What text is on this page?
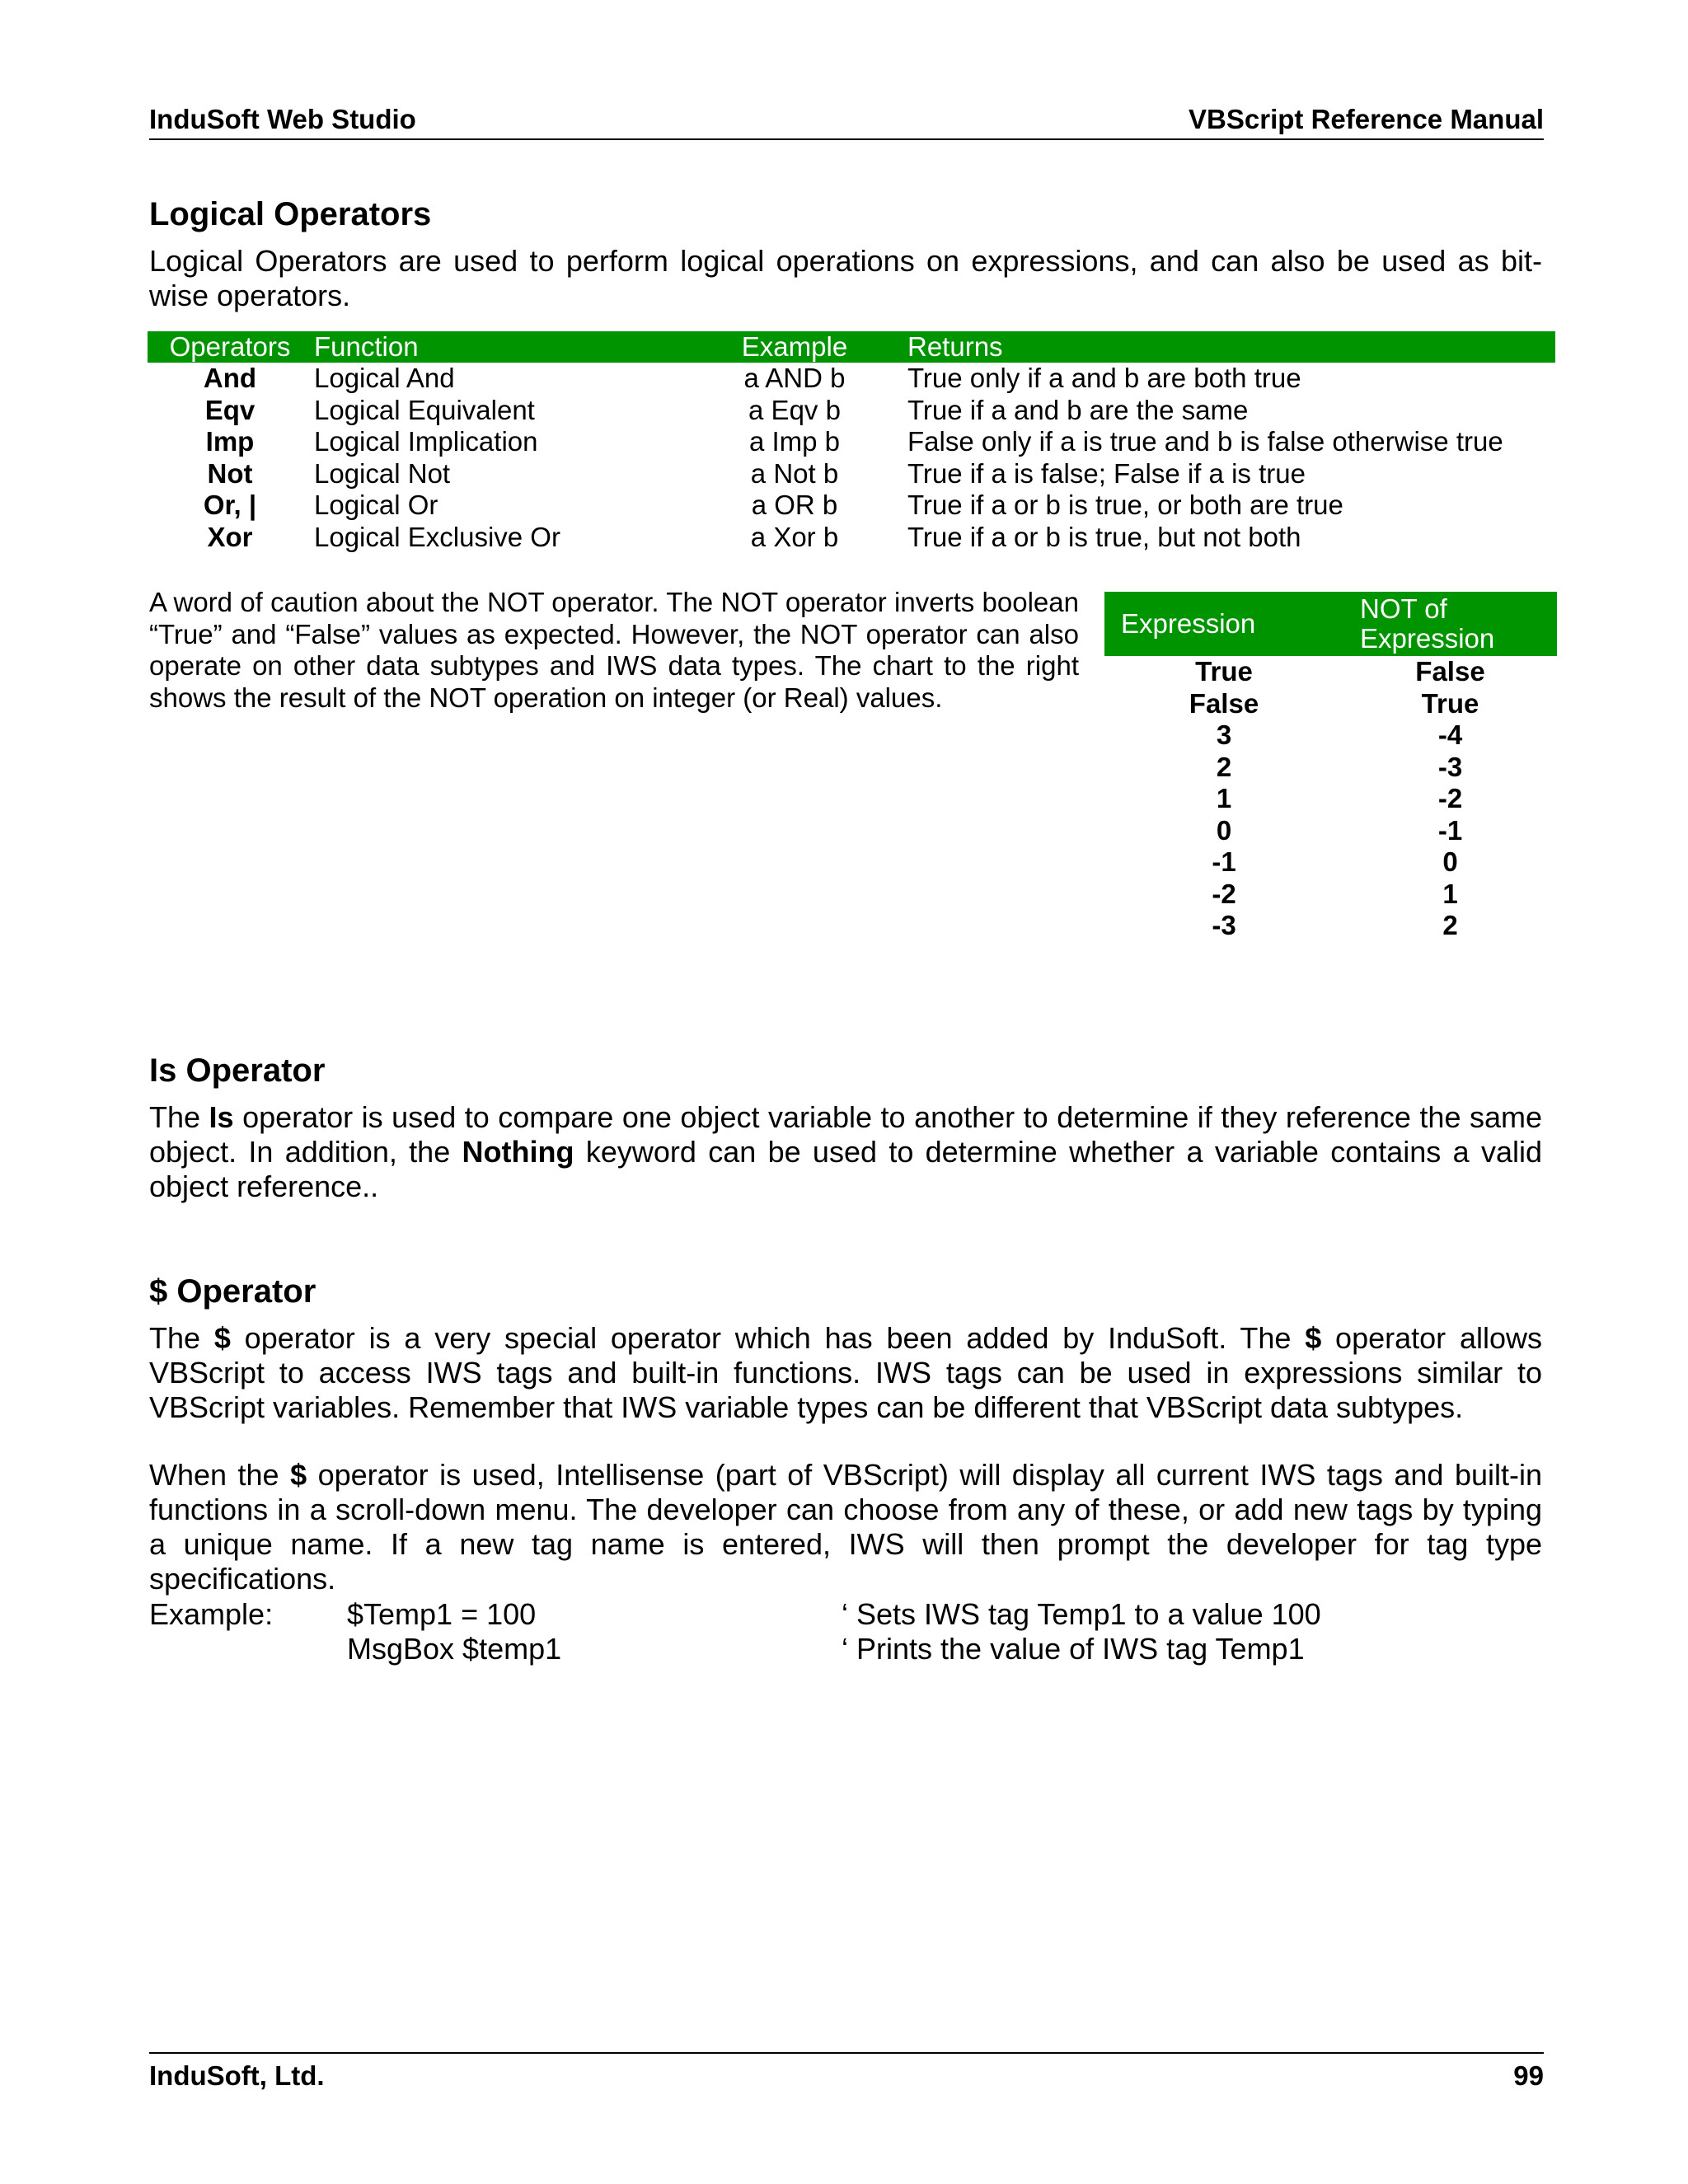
InduSoft Web Studio	VBScript Reference Manual
Logical Operators

Logical Operators are used to perform logical operations on expressions, and can also be used as bit-wise operators.

Operators	Function	Example	Returns
And	Logical And	a AND b	True only if a and b are both true
Eqv	Logical Equivalent	a Eqv b	True if a and b are the same
Imp	Logical Implication	a Imp b	False only if a is true and b is false otherwise true
Not	Logical Not	a Not b	True if a is false; False if a is true
Or, |	Logical Or	a OR b	True if a or b is true, or both are true
Xor	Logical Exclusive Or	a Xor b	True if a or b is true, but not both

A word of caution about the NOT operator. The NOT operator inverts boolean “True” and “False” values as expected. However, the NOT operator can also operate on other data subtypes and IWS data types. The chart to the right shows the result of the NOT operation on integer (or Real) values.

Expression	NOT of Expression
True	False
False	True
3	-4
2	-3
1	-2
0	-1
-1	0
-2	1
-3	2
Is Operator

The Is operator is used to compare one object variable to another to determine if they reference the same object. In addition, the Nothing keyword can be used to determine whether a variable contains a valid object reference..

$ Operator

The $ operator is a very special operator which has been added by InduSoft. The $ operator allows VBScript to access IWS tags and built-in functions. IWS tags can be used in expressions similar to VBScript variables. Remember that IWS variable types can be different that VBScript data subtypes.

When the $ operator is used, Intellisense (part of VBScript) will display all current IWS tags and built-in functions in a scroll-down menu. The developer can choose from any of these, or add new tags by typing a unique name. If a new tag name is entered, IWS will then prompt the developer for tag type specifications.

Example:	$Temp1 = 100	‘ Sets IWS tag Temp1 to a value 100
MsgBox $temp1	‘ Prints the value of IWS tag Temp1
InduSoft, Ltd.	99
